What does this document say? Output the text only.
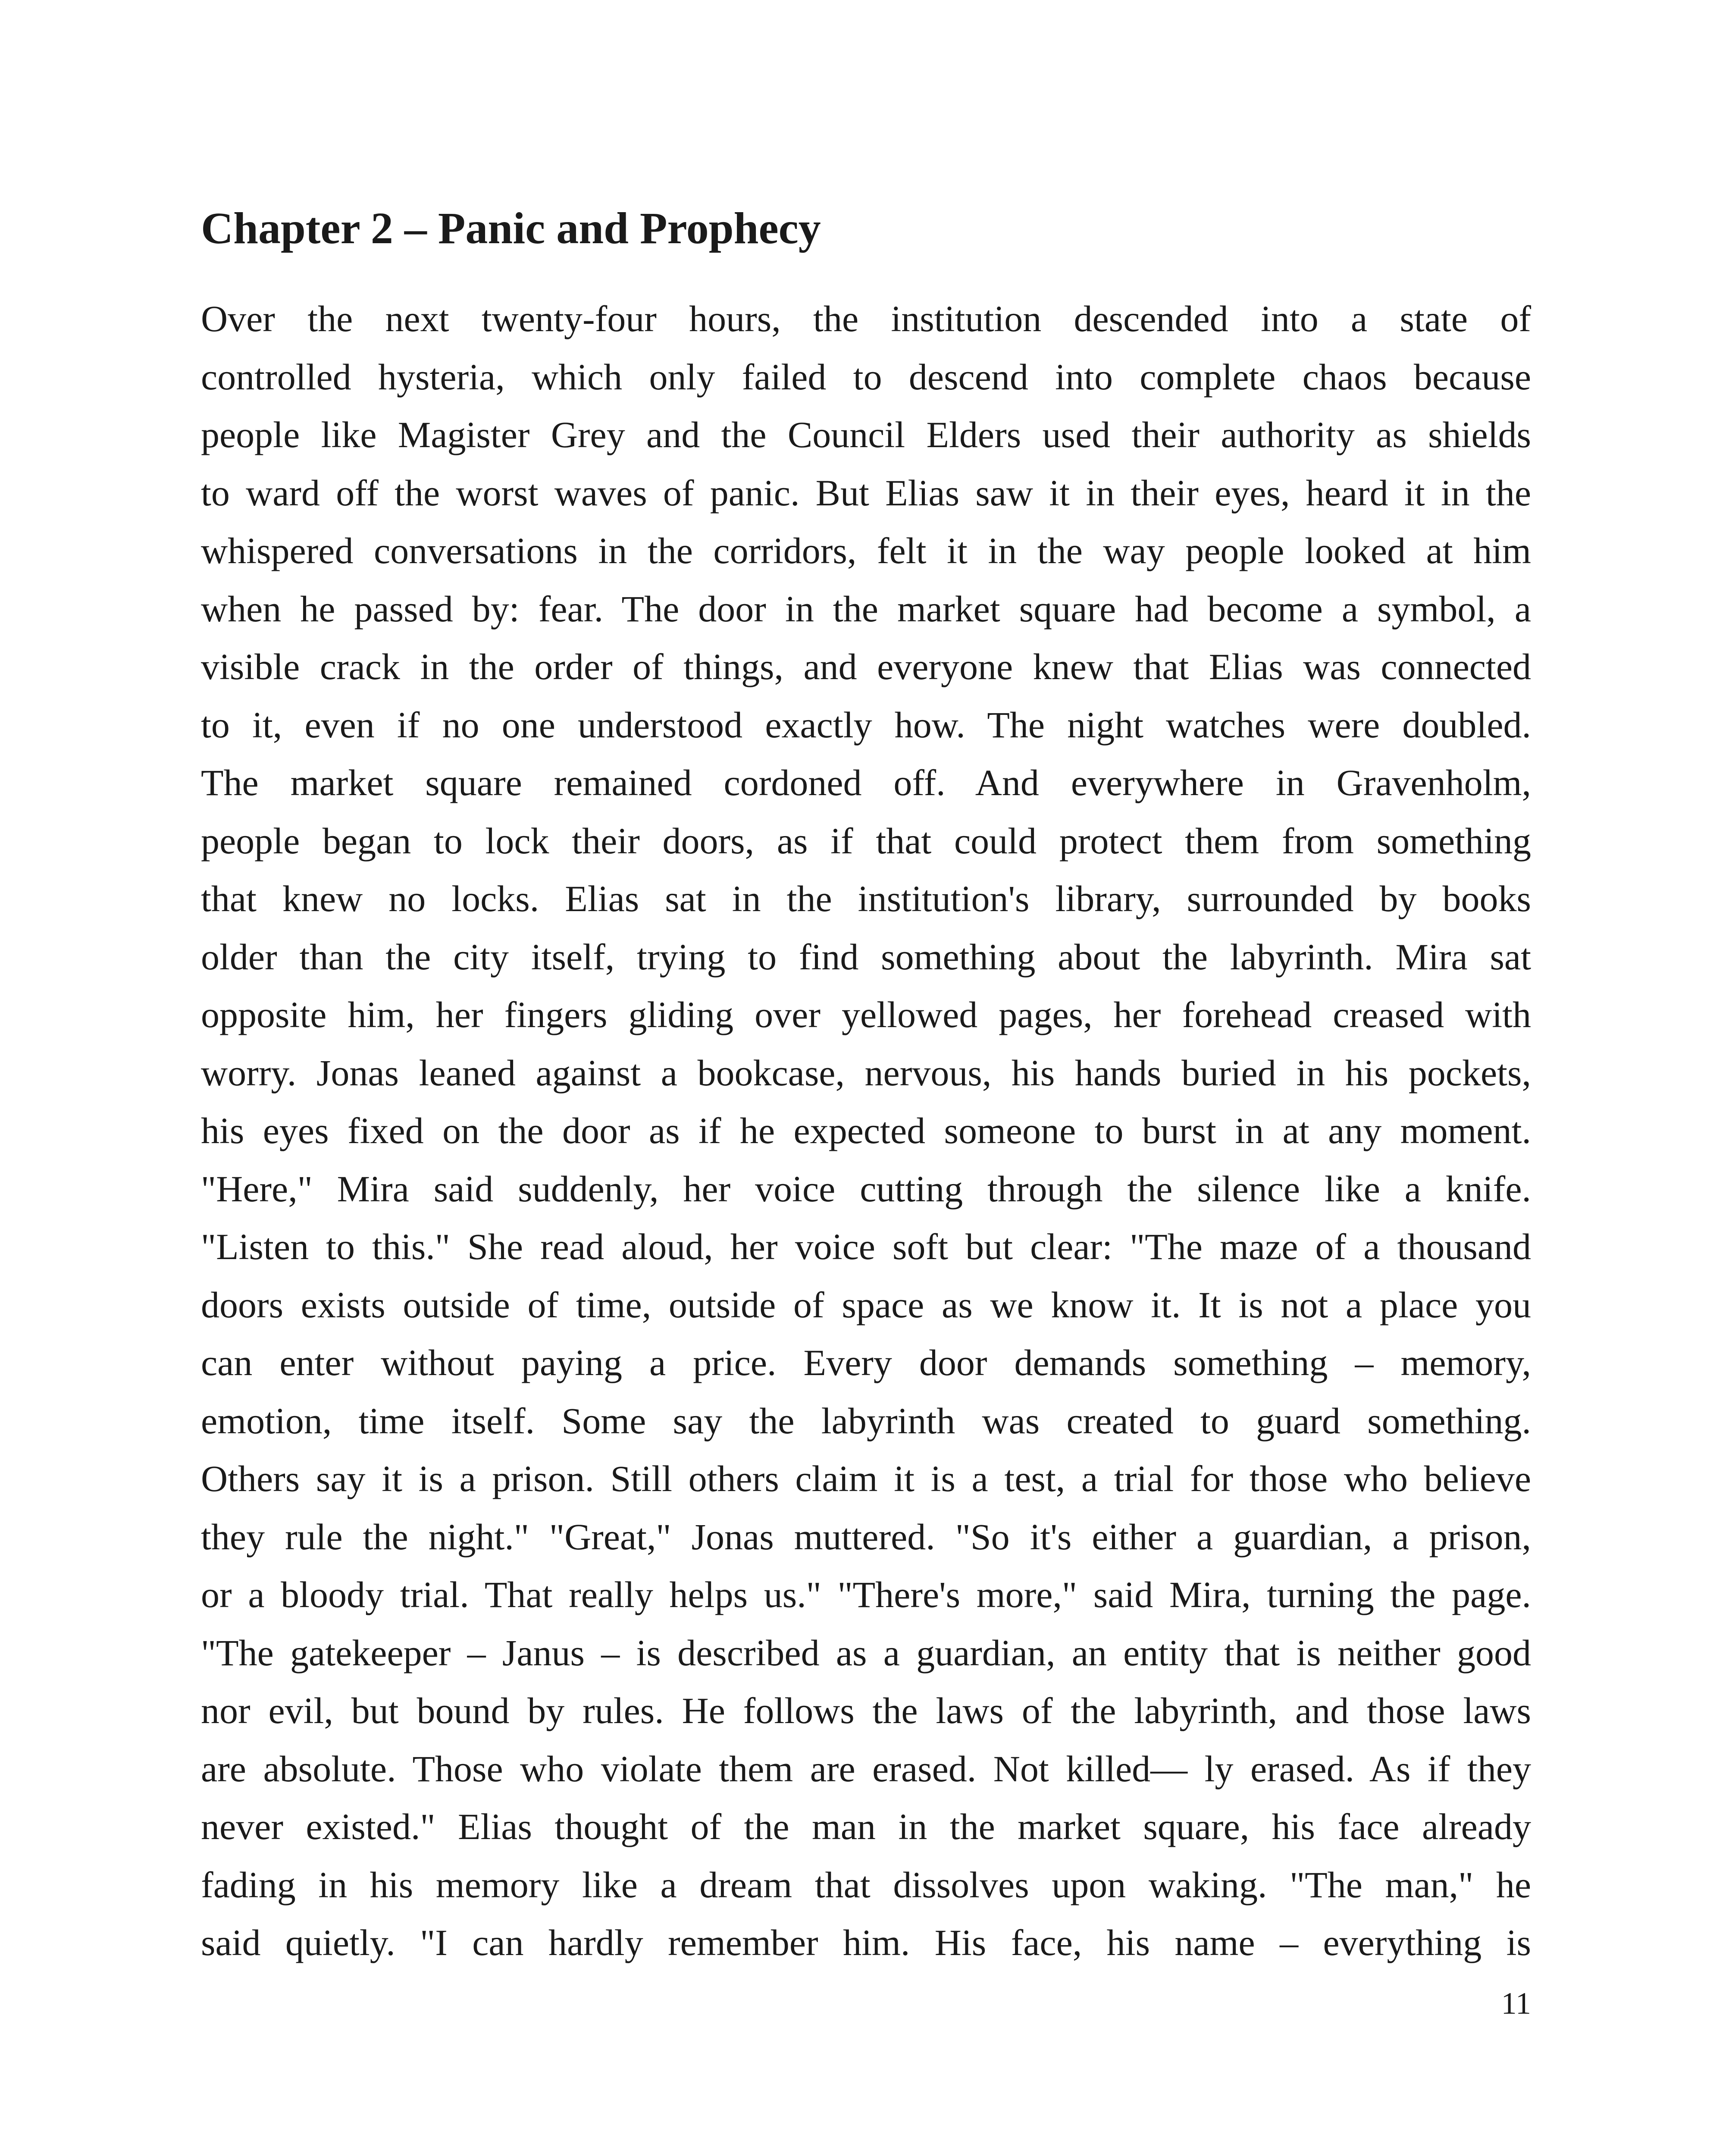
Chapter 2 – Panic and Prophecy
Over the next twenty-four hours, the institution descended into a state of
controlled hysteria, which only failed to descend into complete chaos because
people like Magister Grey and the Council Elders used their authority as shields
to ward off the worst waves of panic. But Elias saw it in their eyes, heard it in the
whispered conversations in the corridors, felt it in the way people looked at him
when he passed by: fear. The door in the market square had become a symbol, a
visible crack in the order of things, and everyone knew that Elias was connected
to it, even if no one understood exactly how. The night watches were doubled.
The market square remained cordoned off. And everywhere in Gravenholm,
people began to lock their doors, as if that could protect them from something
that knew no locks. Elias sat in the institution's library, surrounded by books
older than the city itself, trying to find something about the labyrinth. Mira sat
opposite him, her fingers gliding over yellowed pages, her forehead creased with
worry. Jonas leaned against a bookcase, nervous, his hands buried in his pockets,
his eyes fixed on the door as if he expected someone to burst in at any moment.
"Here," Mira said suddenly, her voice cutting through the silence like a knife.
"Listen to this." She read aloud, her voice soft but clear: "The maze of a thousand
doors exists outside of time, outside of space as we know it. It is not a place you
can enter without paying a price. Every door demands something – memory,
emotion, time itself. Some say the labyrinth was created to guard something.
Others say it is a prison. Still others claim it is a test, a trial for those who believe
they rule the night." "Great," Jonas muttered. "So it's either a guardian, a prison,
or a bloody trial. That really helps us." "There's more," said Mira, turning the page.
"The gatekeeper – Janus – is described as a guardian, an entity that is neither good
nor evil, but bound by rules. He follows the laws of the labyrinth, and those laws
are absolute. Those who violate them are erased. Not killed— ly erased. As if they
never existed." Elias thought of the man in the market square, his face already
fading in his memory like a dream that dissolves upon waking. "The man," he
said quietly. "I can hardly remember him. His face, his name – everything is
11
